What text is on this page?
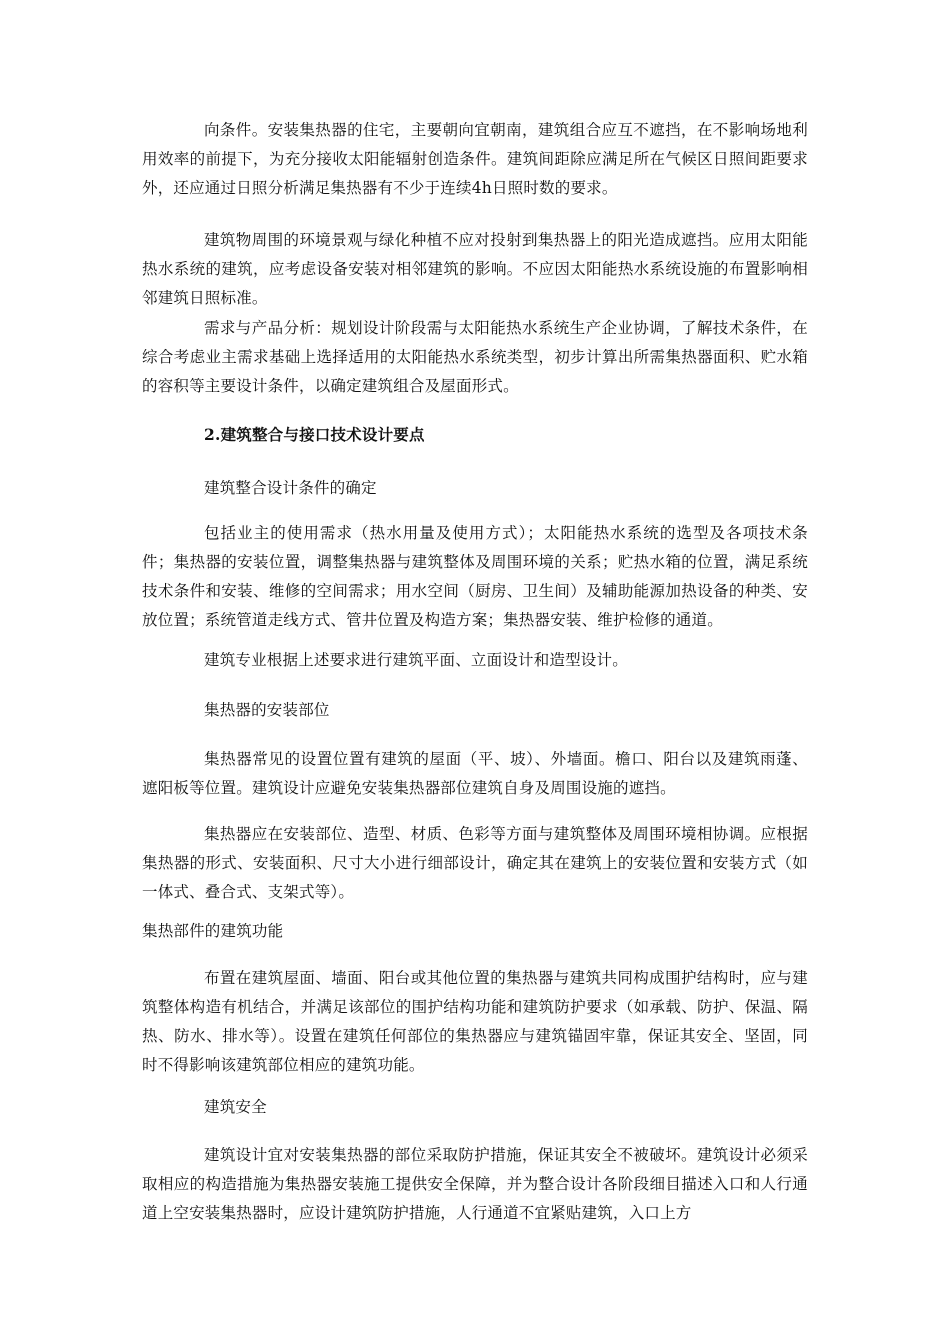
向条件。安装集热器的住宅，主要朝向宜朝南，建筑组合应互不遮挡，在不影响场地利用效率的前提下，为充分接收太阳能辐射创造条件。建筑间距除应满足所在气候区日照间距要求外，还应通过日照分析满足集热器有不少于连续4h日照时数的要求。

建筑物周围的环境景观与绿化种植不应对投射到集热器上的阳光造成遮挡。应用太阳能热水系统的建筑，应考虑设备安装对相邻建筑的影响。不应因太阳能热水系统设施的布置影响相邻建筑日照标准。

需求与产品分析：规划设计阶段需与太阳能热水系统生产企业协调，了解技术条件，在综合考虑业主需求基础上选择适用的太阳能热水系统类型，初步计算出所需集热器面积、贮水箱的容积等主要设计条件，以确定建筑组合及屋面形式。

2.建筑整合与接口技术设计要点

建筑整合设计条件的确定

包括业主的使用需求（热水用量及使用方式）；太阳能热水系统的选型及各项技术条件；集热器的安装位置，调整集热器与建筑整体及周围环境的关系；贮热水箱的位置，满足系统技术条件和安装、维修的空间需求；用水空间（厨房、卫生间）及辅助能源加热设备的种类、安放位置；系统管道走线方式、管井位置及构造方案；集热器安装、维护检修的通道。

建筑专业根据上述要求进行建筑平面、立面设计和造型设计。

集热器的安装部位

集热器常见的设置位置有建筑的屋面（平、坡）、外墙面。檐口、阳台以及建筑雨蓬、遮阳板等位置。建筑设计应避免安装集热器部位建筑自身及周围设施的遮挡。

集热器应在安装部位、造型、材质、色彩等方面与建筑整体及周围环境相协调。应根据集热器的形式、安装面积、尺寸大小进行细部设计，确定其在建筑上的安装位置和安装方式（如一体式、叠合式、支架式等）。

集热部件的建筑功能

布置在建筑屋面、墙面、阳台或其他位置的集热器与建筑共同构成围护结构时，应与建筑整体构造有机结合，并满足该部位的围护结构功能和建筑防护要求（如承载、防护、保温、隔热、防水、排水等）。设置在建筑任何部位的集热器应与建筑锚固牢靠，保证其安全、坚固，同时不得影响该建筑部位相应的建筑功能。

建筑安全

建筑设计宜对安装集热器的部位采取防护措施，保证其安全不被破坏。建筑设计必须采取相应的构造措施为集热器安装施工提供安全保障，并为整合设计各阶段细目描述入口和人行通道上空安装集热器时，应设计建筑防护措施，人行通道不宜紧贴建筑，入口上方
